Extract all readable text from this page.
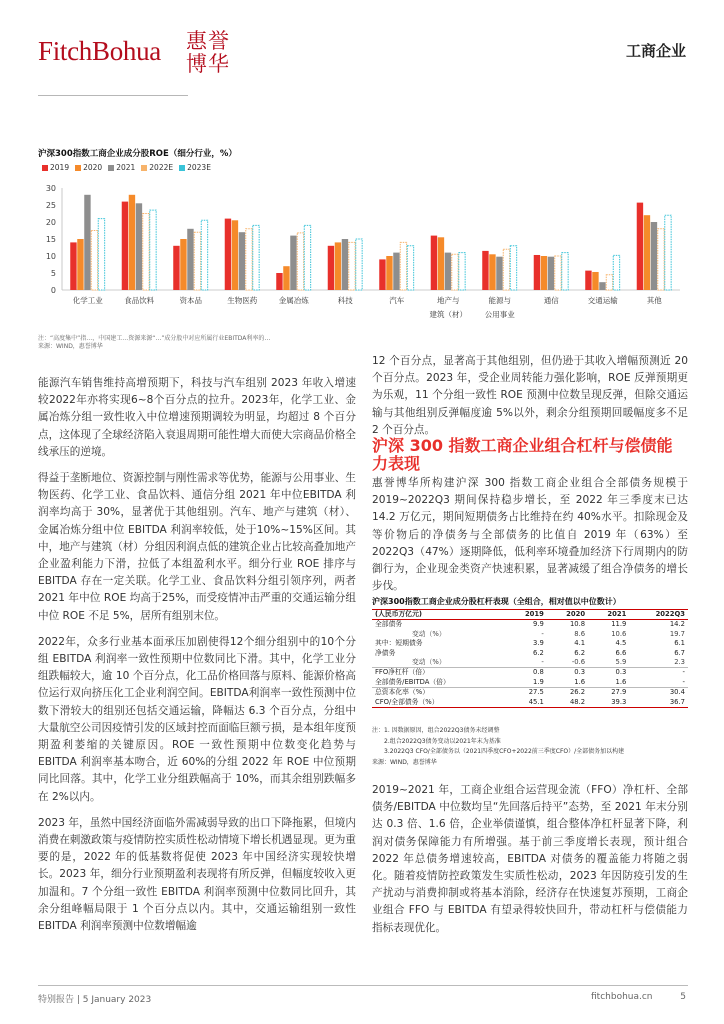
FitchBohua 惠誉博华
工商企业
沪深300指数工商企业成分股ROE（细分行业，%）
2019 2020 2021 2022E 2023E
0
5
10
15
20
25
30
化学工业	食品饮料	资本品	生物医药	金属冶炼	科技	汽车	地产与
建筑（材）
能源与
公用事业
通信	交通运输	其他
注：“高度集中”指…，中国建工…资源来源“…”成分股中对应所属行业EBITDA利率的…
来源：WIND，惠誉博华

能源汽车销售维持高增预期下，科技与汽车组别 2023 年收入增速较2022年亦将实现6~8个百分点的拉升。2023年，化学工业、金属冶炼分组一致性收入中位增速预期调较为明显，均超过 8 个百分点，这体现了全球经济陷入衰退周期可能性增大而使大宗商品价格全线承压的逆境。

得益于垄断地位、资源控制与刚性需求等优势，能源与公用事业、生物医药、化学工业、食品饮料、通信分组 2021 年中位EBITDA 利润率均高于 30%，显著优于其他组别。汽车、地产与建筑（材）、金属冶炼分组中位 EBITDA 利润率较低，处于10%~15%区间。其中，地产与建筑（材）分组因利润点低的建筑企业占比较高叠加地产企业盈利能力下滑，拉低了本组盈利水平。细分行业 ROE 排序与 EBITDA 存在一定关联。化学工业、食品饮料分组引领序列，两者 2021 年中位 ROE 均高于25%，而受疫情冲击严重的交通运输分组中位 ROE 不足 5%，居所有组别末位。

2022年，众多行业基本面承压加剧使得12个细分组别中的10个分组 EBITDA 利润率一致性预期中位数同比下滑。其中，化学工业分组跌幅较大，逾 10 个百分点，化工品价格回落与原料、能源价格高位运行双向挤压化工企业利润空间。EBITDA利润率一致性预测中位数下滑较大的组别还包括交通运输，降幅达 6.3 个百分点，分组中大量航空公司因疫情引发的区域封控而面临巨额亏损，是本组年度预期盈利萎缩的关键原因。ROE 一致性预期中位数变化趋势与 EBITDA 利润率基本吻合，近 60%的分组 2022 年 ROE 中位预期同比回落。其中，化学工业分组跌幅高于 10%，而其余组别跌幅多在 2%以内。

2023 年，虽然中国经济面临外需减弱导致的出口下降拖累，但境内消费在刺激政策与疫情防控实质性松动情境下增长机遇显现。更为重要的是，2022 年的低基数将促使 2023 年中国经济实现较快增长。2023 年，细分行业预期盈利表现将有所反弹，但幅度较收入更加温和。7 个分组一致性 EBITDA 利润率预测中位数同比回升，其余分组峰幅局限于 1 个百分点以内。其中，交通运输组别一致性 EBITDA 利润率预测中位数增幅逾

12 个百分点，显著高于其他组别，但仍逊于其收入增幅预测近 20 个百分点。2023 年，受企业周转能力强化影响，ROE 反弹预期更为乐观，11 个分组一致性 ROE 预测中位数呈现反弹，但除交通运输与其他组别反弹幅度逾 5%以外，剩余分组预期回暖幅度多不足 2 个百分点。
沪深 300 指数工商企业组合杠杆与偿债能力表现
惠誉博华所构建沪深 300 指数工商企业组合全部债务规模于 2019~2022Q3 期间保持稳步增长，至 2022 年三季度末已达 14.2 万亿元，期间短期债务占比维持在约 40%水平。扣除现金及等价物后的净债务与全部债务的比值自 2019 年（63%）至 2022Q3（47%）逐期降低，低利率环境叠加经济下行周期内的防御行为，企业现金类资产快速积累，显著减缓了组合净债务的增长步伐。
沪深300指数工商企业成分股杠杆表现（全组合，相对值以中位数计）
(人民币万亿元)	2019	2020	2021	2022Q3
全部债务	9.9	10.8	11.9	14.2
变动（%）	-	8.6	10.6	19.7
其中：短期债务	3.9	4.1	4.5	6.1
净债务	6.2	6.2	6.6	6.7
变动（%）	-	-0.6	5.9	2.3
FFO净杠杆（倍）	0.8	0.3	0.3	-
全部债务/EBITDA（倍）	1.9	1.6	1.6	-
总资本化率（%）	27.5	26.2	27.9	30.4
CFO/全部债务（%）	45.1	48.2	39.3	36.7
注：1. 因数据原因，组合2022Q3债务未经调整
2.组合2022Q3债务变动以2021年末为基准
3.2022Q3 CFO/全部债务以（2021四季度CFO+2022前三季度CFO）/全部债务加以构建
来源：WIND，惠誉博华
2019~2021 年，工商企业组合运营现金流（FFO）净杠杆、全部债务/EBITDA 中位数均呈“先回落后持平”态势，至 2021 年末分别达 0.3 倍、1.6 倍，企业举债谨慎，组合整体净杠杆显著下降，利润对债务保障能力有所增强。基于前三季度增长表现，预计组合 2022 年总债务增速较高，EBITDA 对债务的覆盖能力将随之弱化。随着疫情防控政策发生实质性松动，2023 年因防疫引发的生产扰动与消费抑制或将基本消除，经济存在快速复苏预期，工商企业组合 FFO 与 EBITDA 有望录得较快回升，带动杠杆与偿债能力指标表现优化。
特别报告 | 5 January 2023	fitchbohua.cn	5
